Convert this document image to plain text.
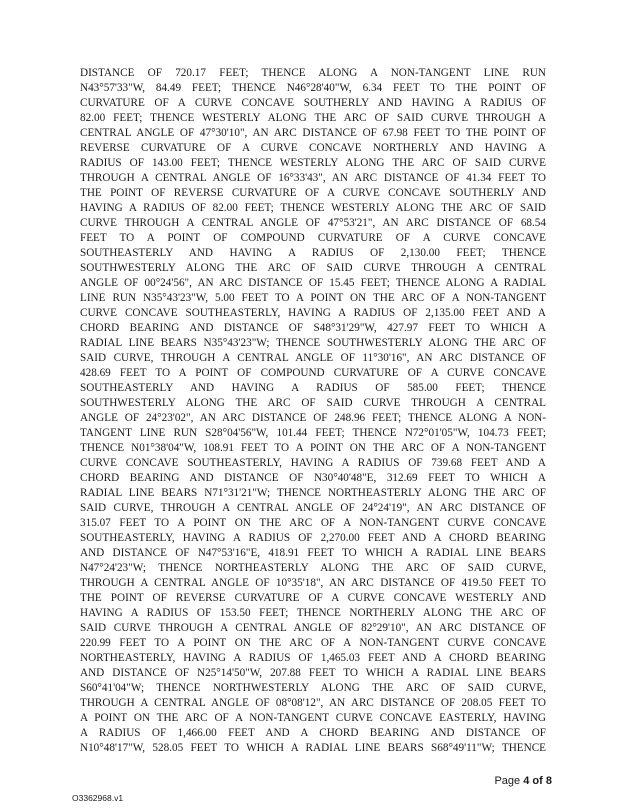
DISTANCE OF 720.17 FEET; THENCE ALONG A NON-TANGENT LINE RUN
N43°57'33"W, 84.49 FEET; THENCE N46°28'40"W, 6.34 FEET TO THE POINT OF
CURVATURE OF A CURVE CONCAVE SOUTHERLY AND HAVING A RADIUS OF
82.00 FEET; THENCE WESTERLY ALONG THE ARC OF SAID CURVE THROUGH A
CENTRAL ANGLE OF 47°30'10", AN ARC DISTANCE OF 67.98 FEET TO THE POINT OF
REVERSE CURVATURE OF A CURVE CONCAVE NORTHERLY AND HAVING A
RADIUS OF 143.00 FEET; THENCE WESTERLY ALONG THE ARC OF SAID CURVE
THROUGH A CENTRAL ANGLE OF 16°33'43", AN ARC DISTANCE OF 41.34 FEET TO
THE POINT OF REVERSE CURVATURE OF A CURVE CONCAVE SOUTHERLY AND
HAVING A RADIUS OF 82.00 FEET; THENCE WESTERLY ALONG THE ARC OF SAID
CURVE THROUGH A CENTRAL ANGLE OF 47°53'21", AN ARC DISTANCE OF 68.54
FEET TO A POINT OF COMPOUND CURVATURE OF A CURVE CONCAVE
SOUTHEASTERLY AND HAVING A RADIUS OF 2,130.00 FEET; THENCE
SOUTHWESTERLY ALONG THE ARC OF SAID CURVE THROUGH A CENTRAL
ANGLE OF 00°24'56", AN ARC DISTANCE OF 15.45 FEET; THENCE ALONG A RADIAL
LINE RUN N35°43'23"W, 5.00 FEET TO A POINT ON THE ARC OF A NON-TANGENT
CURVE CONCAVE SOUTHEASTERLY, HAVING A RADIUS OF 2,135.00 FEET AND A
CHORD BEARING AND DISTANCE OF S48°31'29"W, 427.97 FEET TO WHICH A
RADIAL LINE BEARS N35°43'23"W; THENCE SOUTHWESTERLY ALONG THE ARC OF
SAID CURVE, THROUGH A CENTRAL ANGLE OF 11°30'16", AN ARC DISTANCE OF
428.69 FEET TO A POINT OF COMPOUND CURVATURE OF A CURVE CONCAVE
SOUTHEASTERLY AND HAVING A RADIUS OF 585.00 FEET; THENCE
SOUTHWESTERLY ALONG THE ARC OF SAID CURVE THROUGH A CENTRAL
ANGLE OF 24°23'02", AN ARC DISTANCE OF 248.96 FEET; THENCE ALONG A NON-
TANGENT LINE RUN S28°04'56"W, 101.44 FEET; THENCE N72°01'05"W, 104.73 FEET;
THENCE N01°38'04"W, 108.91 FEET TO A POINT ON THE ARC OF A NON-TANGENT
CURVE CONCAVE SOUTHEASTERLY, HAVING A RADIUS OF 739.68 FEET AND A
CHORD BEARING AND DISTANCE OF N30°40'48"E, 312.69 FEET TO WHICH A
RADIAL LINE BEARS N71°31'21"W; THENCE NORTHEASTERLY ALONG THE ARC OF
SAID CURVE, THROUGH A CENTRAL ANGLE OF 24°24'19", AN ARC DISTANCE OF
315.07 FEET TO A POINT ON THE ARC OF A NON-TANGENT CURVE CONCAVE
SOUTHEASTERLY, HAVING A RADIUS OF 2,270.00 FEET AND A CHORD BEARING
AND DISTANCE OF N47°53'16"E, 418.91 FEET TO WHICH A RADIAL LINE BEARS
N47°24'23"W; THENCE NORTHEASTERLY ALONG THE ARC OF SAID CURVE,
THROUGH A CENTRAL ANGLE OF 10°35'18", AN ARC DISTANCE OF 419.50 FEET TO
THE POINT OF REVERSE CURVATURE OF A CURVE CONCAVE WESTERLY AND
HAVING A RADIUS OF 153.50 FEET; THENCE NORTHERLY ALONG THE ARC OF
SAID CURVE THROUGH A CENTRAL ANGLE OF 82°29'10", AN ARC DISTANCE OF
220.99 FEET TO A POINT ON THE ARC OF A NON-TANGENT CURVE CONCAVE
NORTHEASTERLY, HAVING A RADIUS OF 1,465.03 FEET AND A CHORD BEARING
AND DISTANCE OF N25°14'50"W, 207.88 FEET TO WHICH A RADIAL LINE BEARS
S60°41'04"W; THENCE NORTHWESTERLY ALONG THE ARC OF SAID CURVE,
THROUGH A CENTRAL ANGLE OF 08°08'12", AN ARC DISTANCE OF 208.05 FEET TO
A POINT ON THE ARC OF A NON-TANGENT CURVE CONCAVE EASTERLY, HAVING
A RADIUS OF 1,466.00 FEET AND A CHORD BEARING AND DISTANCE OF
N10°48'17"W, 528.05 FEET TO WHICH A RADIAL LINE BEARS S68°49'11"W; THENCE
Page 4 of 8
O3362968.v1
